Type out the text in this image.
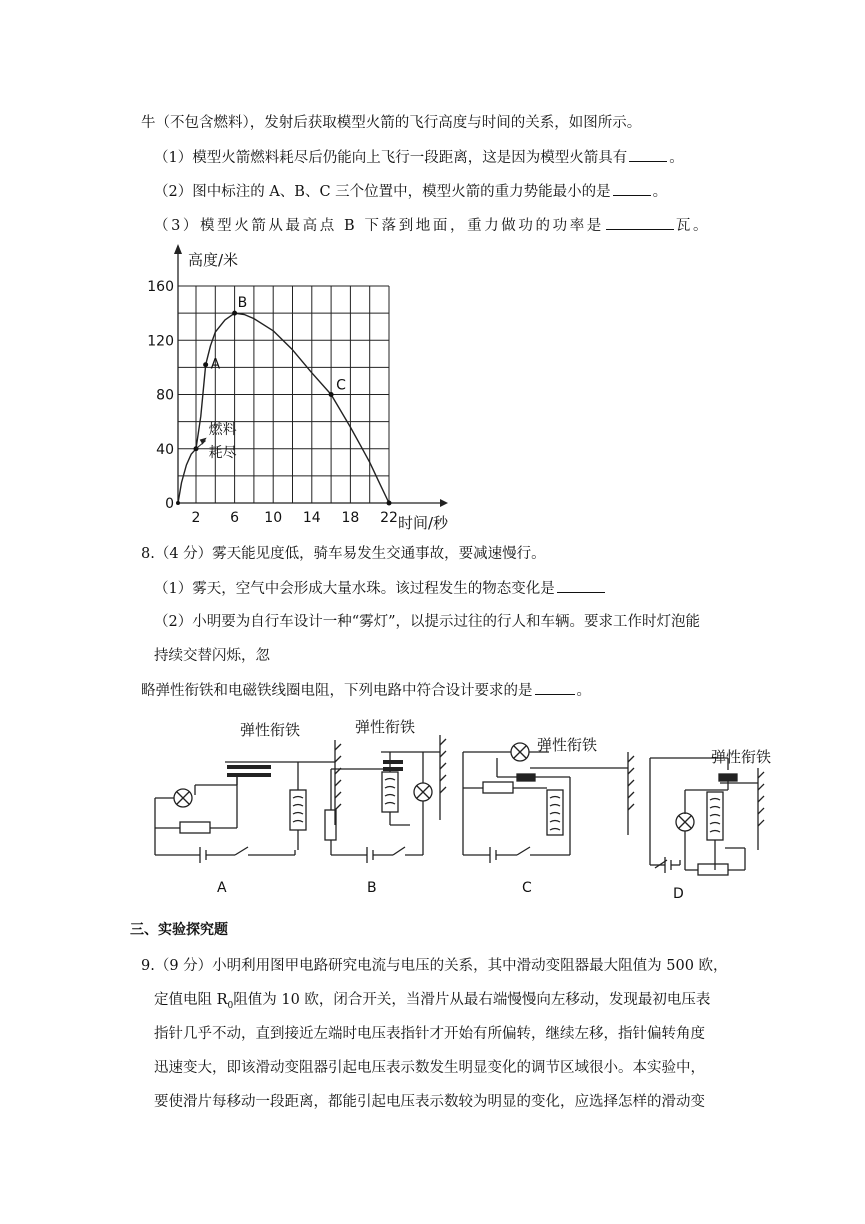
牛（不包含燃料），发射后获取模型火箭的飞行高度与时间的关系，如图所示。
（1）模型火箭燃料耗尽后仍能向上飞行一段距离，这是因为模型火箭具有	。
（2）图中标注的 A、B、C 三个位置中，模型火箭的重力势能最小的是	。
（3）模型火箭从最高点 B 下落到地面，重力做功的功率是	瓦。
0
40
80
120
160
2 6 10 14 18 22
高度/米
时间/秒
燃料
耗尽
A
B
C
8.（4 分）雾天能见度低，骑车易发生交通事故，要减速慢行。
（1）雾天，空气中会形成大量水珠。该过程发生的物态变化是
（2）小明要为自行车设计一种“雾灯”，以提示过往的行人和车辆。要求工作时灯泡能
持续交替闪烁，忽
略弹性衔铁和电磁铁线圈电阻，下列电路中符合设计要求的是	。
弹性衔铁	弹性衔铁
弹性衔铁
弹性衔铁
A	B	C	D
三、实验探究题
9.（9 分）小明利用图甲电路研究电流与电压的关系，其中滑动变阻器最大阻值为 500 欧，
定值电阻 $R_0$阻值为 10 欧，闭合开关，当滑片从最右端慢慢向左移动，发现最初电压表
指针几乎不动，直到接近左端时电压表指针才开始有所偏转，继续左移，指针偏转角度
迅速变大，即该滑动变阻器引起电压表示数发生明显变化的调节区域很小。本实验中，
要使滑片每移动一段距离，都能引起电压表示数较为明显的变化，应选择怎样的滑动变
